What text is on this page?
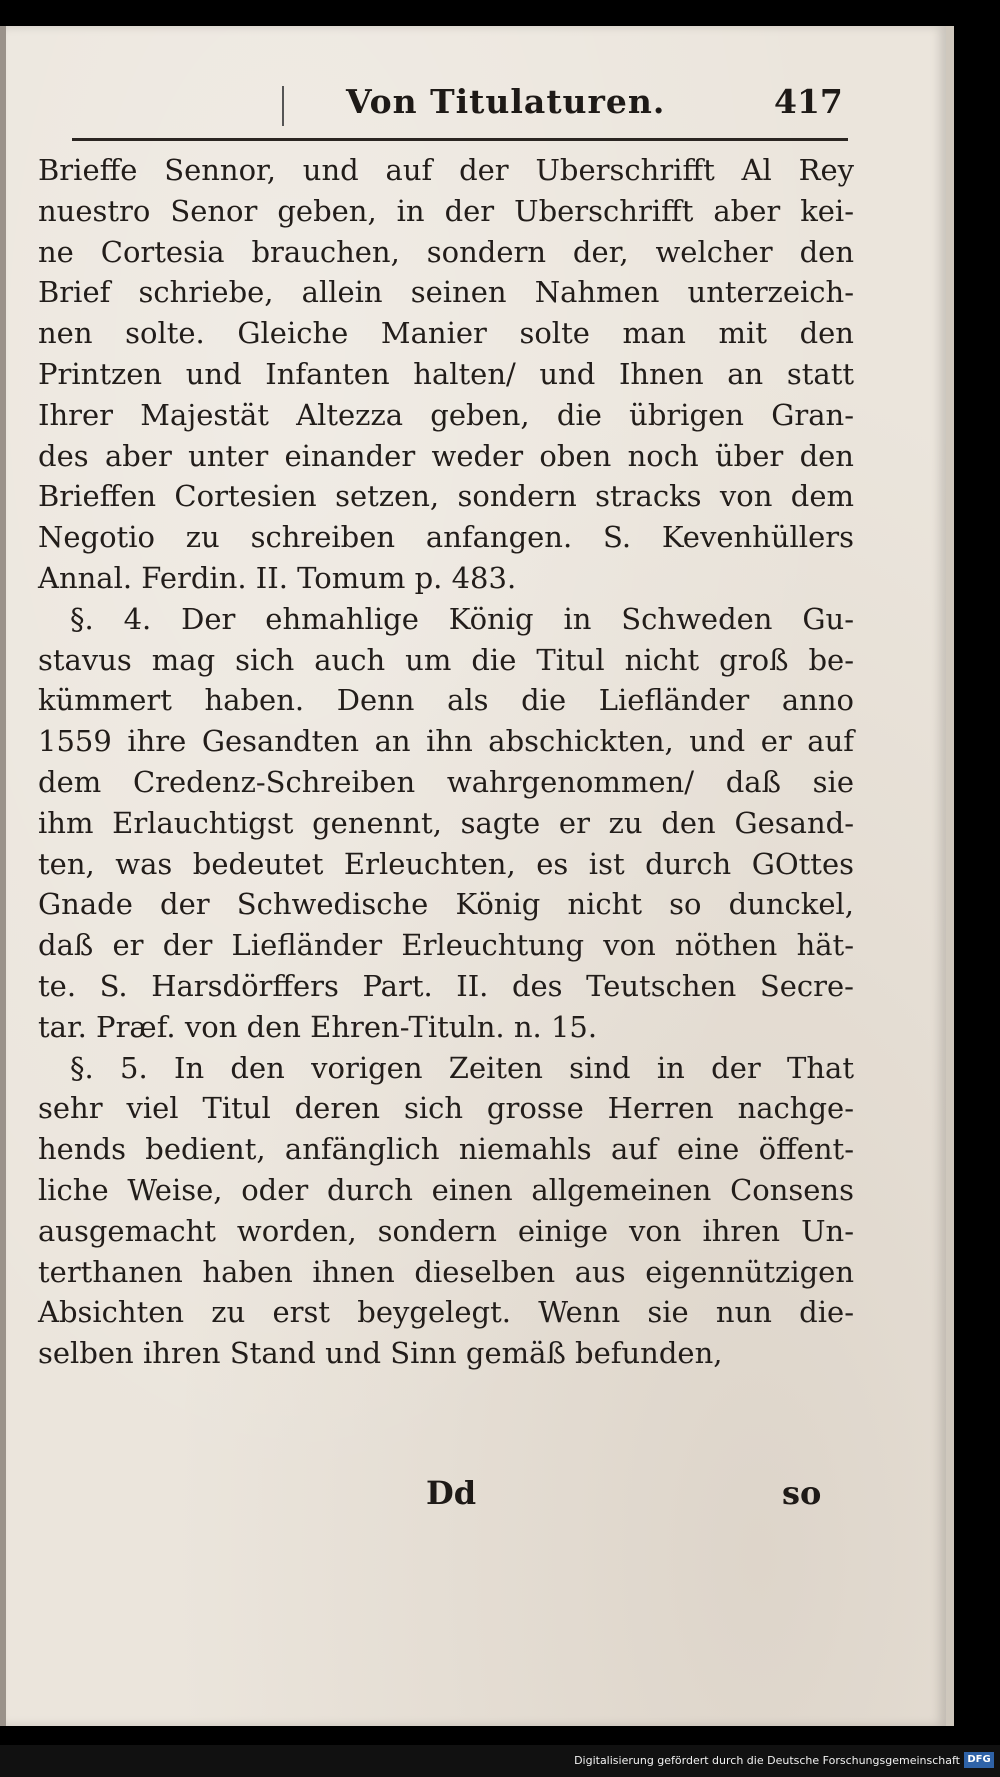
Von Titulaturen.	417
Brieffe Sennor, und auf der Uberschrifft Al Rey
nuestro Senor geben, in der Uberschrifft aber kei-
ne Cortesia brauchen, sondern der, welcher den
Brief schriebe, allein seinen Nahmen unterzeich-
nen solte. Gleiche Manier solte man mit den
Printzen und Infanten halten/ und Ihnen an statt
Ihrer Majestät Altezza geben, die übrigen Gran-
des aber unter einander weder oben noch über den
Brieffen Cortesien setzen, sondern stracks von dem
Negotio zu schreiben anfangen. S. Kevenhüllers
Annal. Ferdin. II. Tomum p. 483.
§. 4. Der ehmahlige König in Schweden Gu-
stavus mag sich auch um die Titul nicht groß be-
kümmert haben. Denn als die Liefländer anno
1559 ihre Gesandten an ihn abschickten, und er auf
dem Credenz-Schreiben wahrgenommen/ daß sie
ihm Erlauchtigst genennt, sagte er zu den Gesand-
ten, was bedeutet Erleuchten, es ist durch GOttes
Gnade der Schwedische König nicht so dunckel,
daß er der Liefländer Erleuchtung von nöthen hät-
te. S. Harsdörffers Part. II. des Teutschen Secre-
tar. Præf. von den Ehren-Tituln. n. 15.
§. 5. In den vorigen Zeiten sind in der That
sehr viel Titul deren sich grosse Herren nachge-
hends bedient, anfänglich niemahls auf eine öffent-
liche Weise, oder durch einen allgemeinen Consens
ausgemacht worden, sondern einige von ihren Un-
terthanen haben ihnen dieselben aus eigennützigen
Absichten zu erst beygelegt. Wenn sie nun die-
selben ihren Stand und Sinn gemäß befunden,
Dd	so
Digitalisierung gefördert durch die Deutsche Forschungsgemeinschaft DFG
